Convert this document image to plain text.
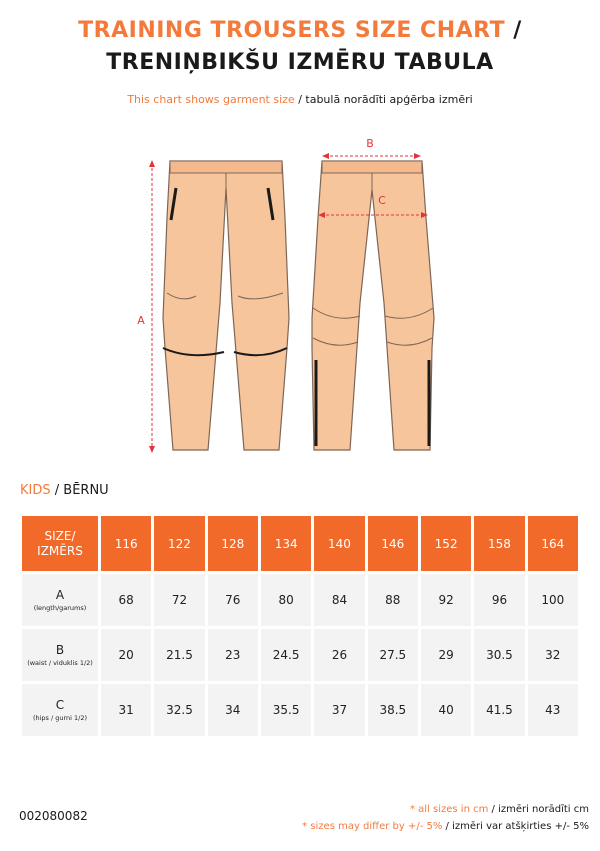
TRAINING TROUSERS SIZE CHART /
TRENIŅBIKŠU IZMĒRU TABULA
This chart shows garment size / tabulā norādīti apģērba izmēri
A
B
C
KIDS / BĒRNU
SIZE/
IZMĒRS	116	122	128	134	140	146	152	158	164
A
(length/garums)	68	72	76	80	84	88	92	96	100
B
(waist / viduklis 1/2)	20	21.5	23	24.5	26	27.5	29	30.5	32
C
(hips / gurni 1/2)	31	32.5	34	35.5	37	38.5	40	41.5	43
002080082	* all sizes in cm / izmēri norādīti cm
* sizes may differ by +/- 5% / izmēri var atšķirties +/- 5%
